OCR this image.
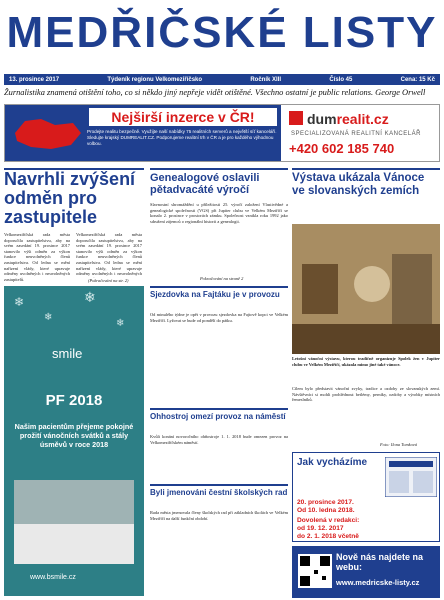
MEDŘIČSKÉ LISTY
13. prosince 2017	Týdeník regionu Velkomeziříčsko	Ročník XIII	Číslo 45	Cena: 15 Kč
Žurnalistika znamená otištění toho, co si někdo jiný nepřeje vidět otištěné. Všechno ostatní je public relations. George Orwell
Nejširší inzerce v ČR!
Prodejte realitu bezpečně. Využijte naší nabídky 75 realitních serverů a největší síť kanceláří. Sledujte krajský DUMREALIT.CZ. Podporujeme realitní trh v ČR a je pro každého výhodnou volbou.
dumrealit.cz
SPECIALIZOVANÁ REALITNÍ KANCELÁŘ
+420 602 185 740
Navrhli zvýšení odměn pro zastupitele
Velkomeziříčská rada města doporučila zastupitelstvu, aby na svém zasedání 19. prosince 2017 stanovilo výši odměn za výkon funkce neuvolněných členů zastupitelstva. Od ledna se mění nařízení vlády, které upravuje odměny uvolněných i neuvolněných zastupitelů.
Velkomeziříčská rada města doporučila zastupitelstvu, aby na svém zasedání 19. prosince 2017 stanovilo výši odměn za výkon funkce neuvolněných členů zastupitelstva. Od ledna se mění nařízení vlády, které upravuje odměny uvolněných i neuvolněných
(Pokračování na str. 2)
Genealogové oslavili pětadvacáté výročí
Slavnostní shromáždění u příležitosti 25. výročí založení Vlastivědné a genealogické společnosti (VGS) při Jupiter clubu ve Velkém Meziříčí se konalo 2. prosince v prostorách zámku. Společnost vznikla roku 1992 jako sdružení zájemců o regionální historii a genealogii.
Pokračování na straně 2
Výstava ukázala Vánoce ve slovanských zemích
Letošní vánoční výstavu, kterou tradičně organizuje Spolek žen v Jupiter clubu ve Velkém Meziříčí, ukázala mimo jiné také vánoce.
Cílem bylo představit vánoční zvyky, tradice a ozdoby ze slovanských zemí. Návštěvníci si mohli prohlédnout betlémy, perníky, ozdoby a výrobky místních řemeslníků.
Foto: Ilona Tomková
❄
❄
❄
❄
smile
PF 2018
Našim pacientům přejeme pokojné prožití vánočních svátků a stály úsměvů v roce 2018
www.bsmile.cz
Sjezdovka na Fajtáku je v provozu
Od minulého týdne je opět v provozu sjezdovka na Fajtově kopci ve Velkém Meziříčí. Lyžovat se bude od pondělí do pátku.
Ohhostroj omezí provoz na náměstí
Kvůli konání novoročního ohňostroje 1. 1. 2018 bude omezen provoz na Velkomeziříčském náměstí.
Byli jmenováni čestní školských rad
Rada města jmenovala členy školských rad při základních školách ve Velkém Meziříčí na další funkční období.
Jak vycházíme
20. prosince 2017.
Od 10. ledna 2018.
Dovolená v redakci:
od 19. 12. 2017
do 2. 1. 2018 včetně
Nově nás najdete na webu:
www.medricske-listy.cz
